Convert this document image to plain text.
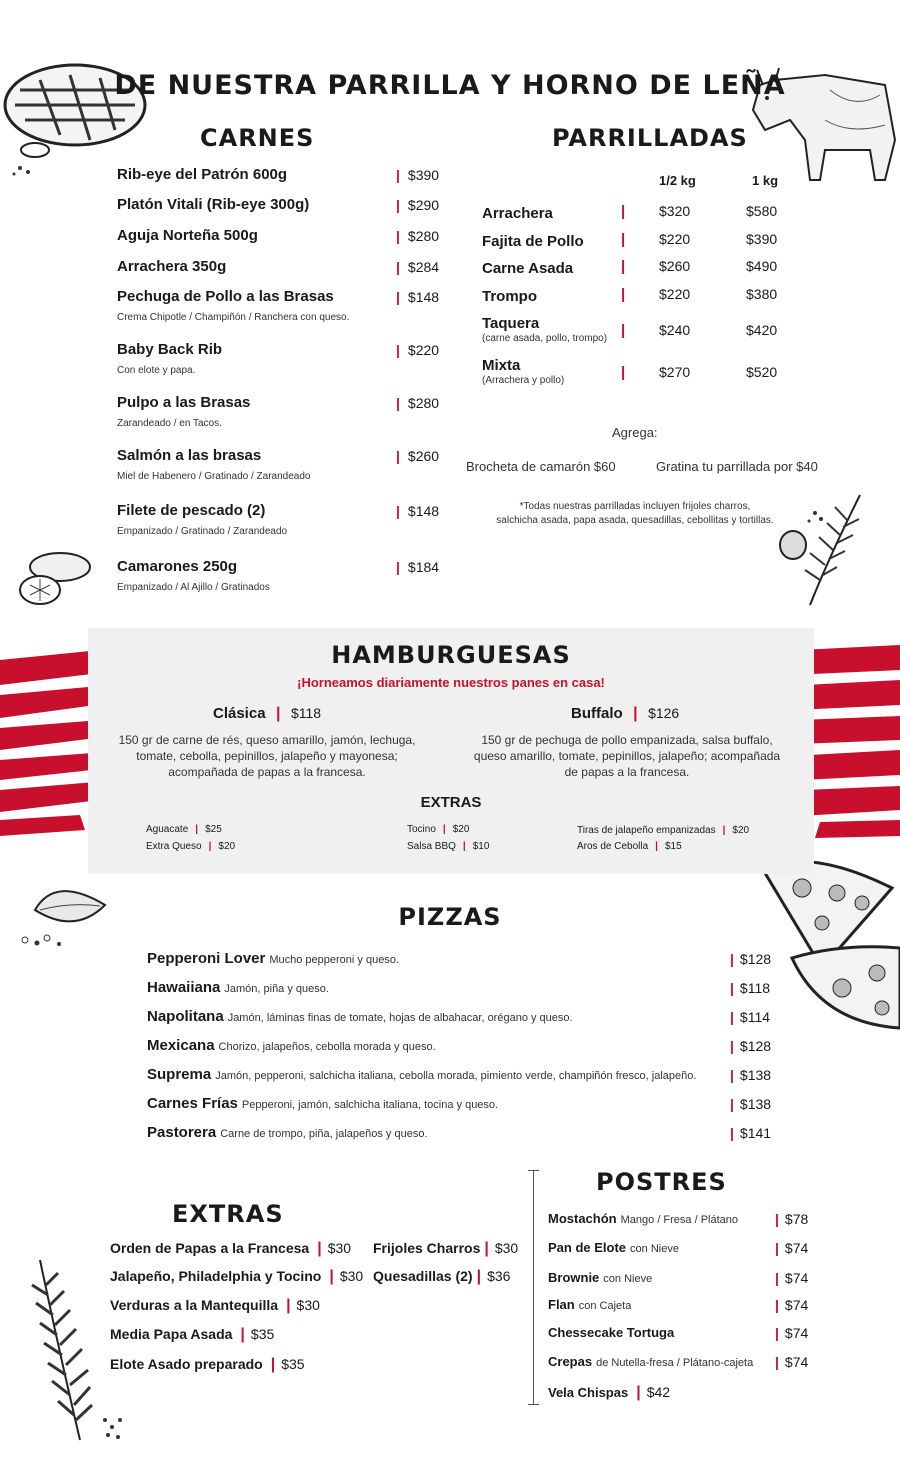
DE NUESTRA PARRILLA Y HORNO DE LEÑA
CARNES
Rib-eye del Patrón 600g	| $390
Platón Vitali (Rib-eye 300g)	| $290
Aguja Norteña 500g	| $280
Arrachera 350g	| $284
Pechuga de Pollo a las Brasas
Crema Chipotle / Champiñón / Ranchera con queso.
| $148
Baby Back Rib
Con elote y papa.
| $220
Pulpo a las Brasas
Zarandeado / en Tacos.
| $280
Salmón a las brasas
Miel de Habenero / Gratinado / Zarandeado
| $260
Filete de pescado (2)
Empanizado / Gratinado / Zarandeado
| $148
Camarones 250g
Empanizado / Al Ajillo / Gratinados
| $184
PARRILLADAS
1/2 kg	1 kg
Arrachera	| $320	$580
Fajita de Pollo | $220	$390
Carne Asada	| $260	$490
Trompo	| $220	$380
Taquera
(carne asada, pollo, trompo) | $240	$420
Mixta
(Arrachera y pollo)	| $270	$520
Agrega:
Brocheta de camarón $60	Gratina tu parrillada por $40
*Todas nuestras parrilladas incluyen frijoles charros,
salchicha asada, papa asada, quesadillas, cebollitas y tortillas.
HAMBURGUESAS
¡Horneamos diariamente nuestros panes en casa!
Clásica | $118
150 gr de carne de rés, queso amarillo, jamón, lechuga,
tomate, cebolla, pepinillos, jalapeño y mayonesa;
acompañada de papas a la francesa.
Buffalo | $126
150 gr de pechuga de pollo empanizada, salsa buffalo,
queso amarillo, tomate, pepinillos, jalapeño; acompañada
de papas a la francesa.
EXTRAS
Aguacate | $25
Extra Queso | $20
Tocino | $20
Salsa BBQ | $10
Tiras de jalapeño empanizadas | $20
Aros de Cebolla | $15
PIZZAS
Pepperoni Lover Mucho pepperoni y queso.	| $128
Hawaiiana Jamón, piña y queso.	| $118
Napolitana Jamón, láminas finas de tomate, hojas de albahacar, orégano y queso.	| $114
Mexicana Chorizo, jalapeños, cebolla morada y queso.	| $128
Suprema Jamón, pepperoni, salchicha italiana, cebolla morada, pimiento verde, champiñón fresco, jalapeño. | $138
Carnes Frías Pepperoni, jamón, salchicha italiana, tocina y queso.	| $138
Pastorera Carne de trompo, piña, jalapeños y queso.	| $141
EXTRAS
Orden de Papas a la Francesa | $30
Jalapeño, Philadelphia y Tocino | $30
Verduras a la Mantequilla | $30
Media Papa Asada | $35
Elote Asado preparado | $35
Frijoles Charros | $30
Quesadillas (2) | $36
POSTRES
Mostachón Mango / Fresa / Plátano	| $78
Pan de Elote con Nieve	| $74
Brownie con Nieve	| $74
Flan con Cajeta	| $74
Chessecake Tortuga	| $74
Crepas de Nutella-fresa / Plátano-cajeta | $74
Vela Chispas | $42
